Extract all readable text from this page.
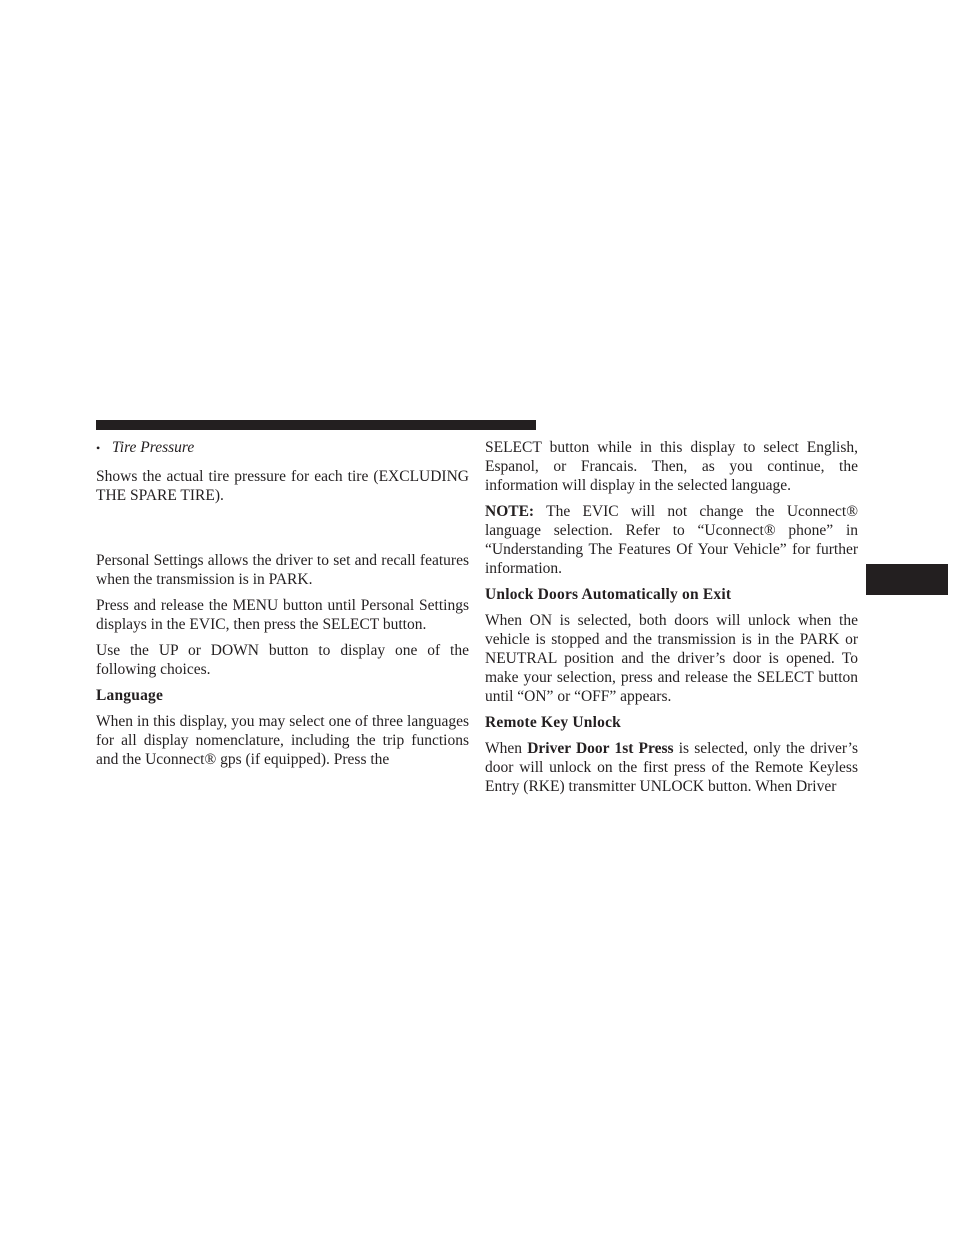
• Tire Pressure

Shows the actual tire pressure for each tire (EXCLUDING THE SPARE TIRE).

Personal Settings allows the driver to set and recall features when the transmission is in PARK.

Press and release the MENU button until Personal Settings displays in the EVIC, then press the SELECT button.

Use the UP or DOWN button to display one of the following choices.

Language

When in this display, you may select one of three languages for all display nomenclature, including the trip functions and the Uconnect® gps (if equipped). Press the

SELECT button while in this display to select English, Espanol, or Francais. Then, as you continue, the information will display in the selected language.

NOTE: The EVIC will not change the Uconnect® language selection. Refer to “Uconnect® phone” in “Understanding The Features Of Your Vehicle” for further information.

Unlock Doors Automatically on Exit

When ON is selected, both doors will unlock when the vehicle is stopped and the transmission is in the PARK or NEUTRAL position and the driver’s door is opened. To make your selection, press and release the SELECT button until “ON” or “OFF” appears.

Remote Key Unlock

When Driver Door 1st Press is selected, only the driver’s door will unlock on the first press of the Remote Keyless Entry (RKE) transmitter UNLOCK button. When Driver
